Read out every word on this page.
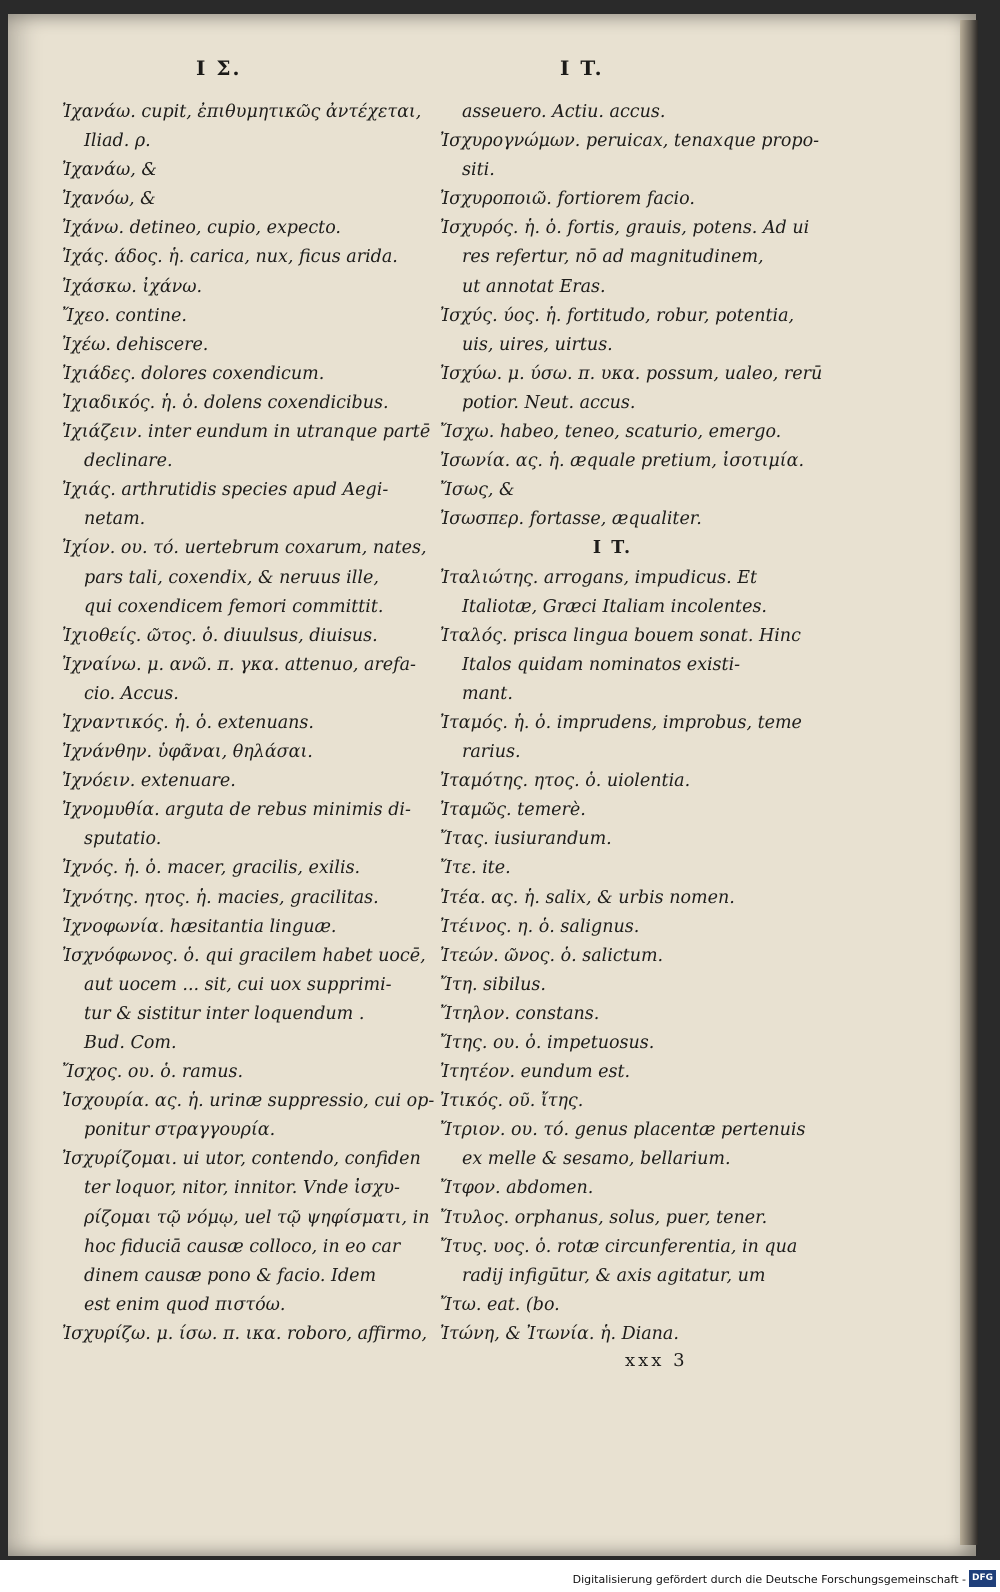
I Σ.	I T.
Ἰχανάω. cupit, ἐπιθυμητικῶς ἀντέχεται,
Iliad. ρ.
Ἰχανάω, &
Ἰχανόω, &
Ἰχάνω. detineo, cupio, expecto.
Ἰχάς. άδος. ἡ. carica, nux, ficus arida.
Ἰχάσκω. ἰχάνω.
Ἴχεο. contine.
Ἰχέω. dehiscere.
Ἰχιάδες. dolores coxendicum.
Ἰχιαδικός. ἡ. ὁ. dolens coxendicibus.
Ἰχιάζειν. inter eundum in utranque partē
declinare.
Ἰχιάς. arthrutidis species apud Aegi-
netam.
Ἰχίον. ου. τό. uertebrum coxarum, nates,
pars tali, coxendix, & neruus ille,
qui coxendicem femori committit.
Ἰχιοθείς. ῶτος. ὁ. diuulsus, diuisus.
Ἰχναίνω. μ. ανῶ. π. γκα. attenuo, arefa-
cio. Accus.
Ἰχναντικός. ἡ. ὁ. extenuans.
Ἰχνάνθην. ὑφᾶναι, θηλάσαι.
Ἰχνόειν. extenuare.
Ἰχνομυθία. arguta de rebus minimis di-
sputatio.
Ἰχνός. ἡ. ὁ. macer, gracilis, exilis.
Ἰχνότης. ητος. ἡ. macies, gracilitas.
Ἰχνοφωνία. hæsitantia linguæ.
Ἰσχνόφωνος. ὁ. qui gracilem habet uocē,
aut uocem ... sit, cui uox supprimi-
tur & sistitur inter loquendum .
Bud. Com.
Ἴσχος. ου. ὁ. ramus.
Ἰσχουρία. ας. ἡ. urinæ suppressio, cui op-
ponitur στραγγουρία.
Ἰσχυρίζομαι. ui utor, contendo, confiden
ter loquor, nitor, innitor. Vnde ἰσχυ-
ρίζομαι τῷ νόμῳ, uel τῷ ψηφίσματι, in
hoc fiduciā causæ colloco, in eo car
dinem causæ pono & facio. Idem
est enim quod πιστόω.
Ἰσχυρίζω. μ. ίσω. π. ικα. roboro, affirmo,
asseuero. Actiu. accus.
Ἰσχυρογνώμων. peruicax, tenaxque propo-
siti.
Ἰσχυροποιῶ. fortiorem facio.
Ἰσχυρός. ἡ. ὁ. fortis, grauis, potens. Ad ui
res refertur, nō ad magnitudinem,
ut annotat Eras.
Ἰσχύς. ύος. ἡ. fortitudo, robur, potentia,
uis, uires, uirtus.
Ἰσχύω. μ. ύσω. π. υκα. possum, ualeo, rerū
potior. Neut. accus.
Ἴσχω. habeo, teneo, scaturio, emergo.
Ἰσωνία. ας. ἡ. æquale pretium, ἰσοτιμία.
Ἴσως, &
Ἰσωσπερ. fortasse, æqualiter.
I T.
Ἰταλιώτης. arrogans, impudicus. Et
Italiotæ, Græci Italiam incolentes.
Ἰταλός. prisca lingua bouem sonat. Hinc
Italos quidam nominatos existi-
mant.
Ἰταμός. ἡ. ὁ. imprudens, improbus, teme
rarius.
Ἰταμότης. ητος. ὁ. uiolentia.
Ἰταμῶς. temerè.
Ἴτας. iusiurandum.
Ἴτε. ite.
Ἰτέα. ας. ἡ. salix, & urbis nomen.
Ἰτέινος. η. ὁ. salignus.
Ἰτεών. ῶνος. ὁ. salictum.
Ἴτη. sibilus.
Ἴτηλον. constans.
Ἴτης. ου. ὁ. impetuosus.
Ἰτητέον. eundum est.
Ἰτικός. οῦ. ἴτης.
Ἴτριον. ου. τό. genus placentæ pertenuis
ex melle & sesamo, bellarium.
Ἴτφον. abdomen.
Ἴτυλος. orphanus, solus, puer, tener.
Ἴτυς. υος. ὁ. rotæ circunferentia, in qua
radij infigūtur, & axis agitatur, um
Ἴτω. eat. (bo.
Ἰτώνη, & Ἰτωνία. ἡ. Diana.
xxx 3
Digitalisierung gefördert durch die Deutsche Forschungsgemeinschaft - DFG
